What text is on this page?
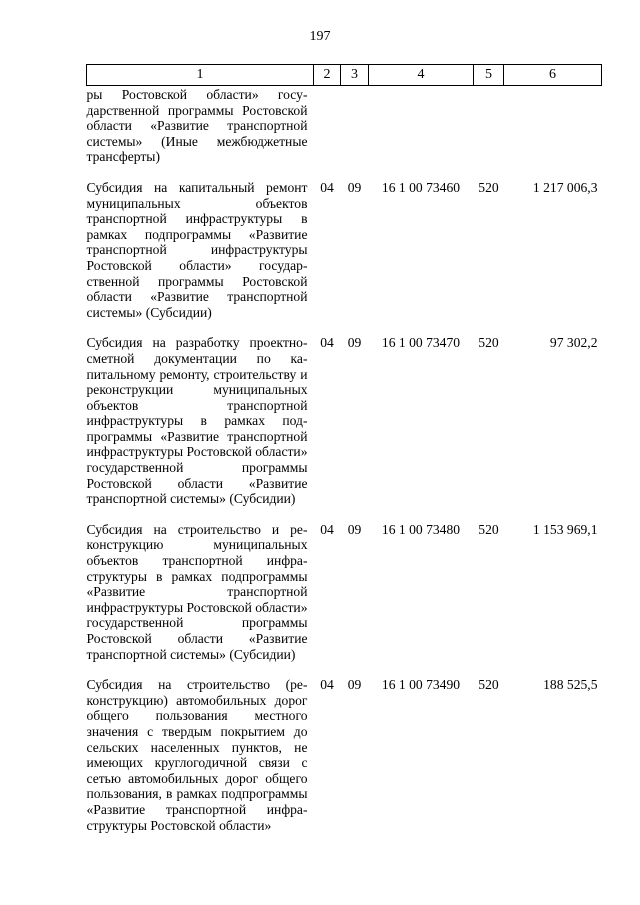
197
1	2	3	4	5	6
ры Ростовской области» государственной программы Ростовской области «Развитие транспортной системы» (Иные межбюджетные трансферты)					
Субсидия на капитальный ремонт муниципальных объектов транспортной инфраструктуры в рамках подпрограммы «Развитие транспортной инфраструктуры Ростовской области» государственной программы Ростовской области «Развитие транспортной системы» (Субсидии)	04	09	16 1 00 73460	520	1 217 006,3
Субсидия на разработку проектно-сметной документации по капитальному ремонту, строительству и реконструкции муниципальных объектов транспортной инфраструктуры в рамках подпрограммы «Развитие транспортной инфраструктуры Ростовской области» государственной программы Ростовской области «Развитие транспортной системы» (Субсидии)	04	09	16 1 00 73470	520	97 302,2
Субсидия на строительство и реконструкцию муниципальных объектов транспортной инфраструктуры в рамках подпрограммы «Развитие транспортной инфраструктуры Ростовской области» государственной программы Ростовской области «Развитие транспортной системы» (Субсидии)	04	09	16 1 00 73480	520	1 153 969,1
Субсидия на строительство (реконструкцию) автомобильных дорог общего пользования местного значения с твердым покрытием до сельских населенных пунктов, не имеющих круглогодичной связи с сетью автомобильных дорог общего пользования, в рамках подпрограммы «Развитие транспортной инфраструктуры Ростовской области»	04	09	16 1 00 73490	520	188 525,5
